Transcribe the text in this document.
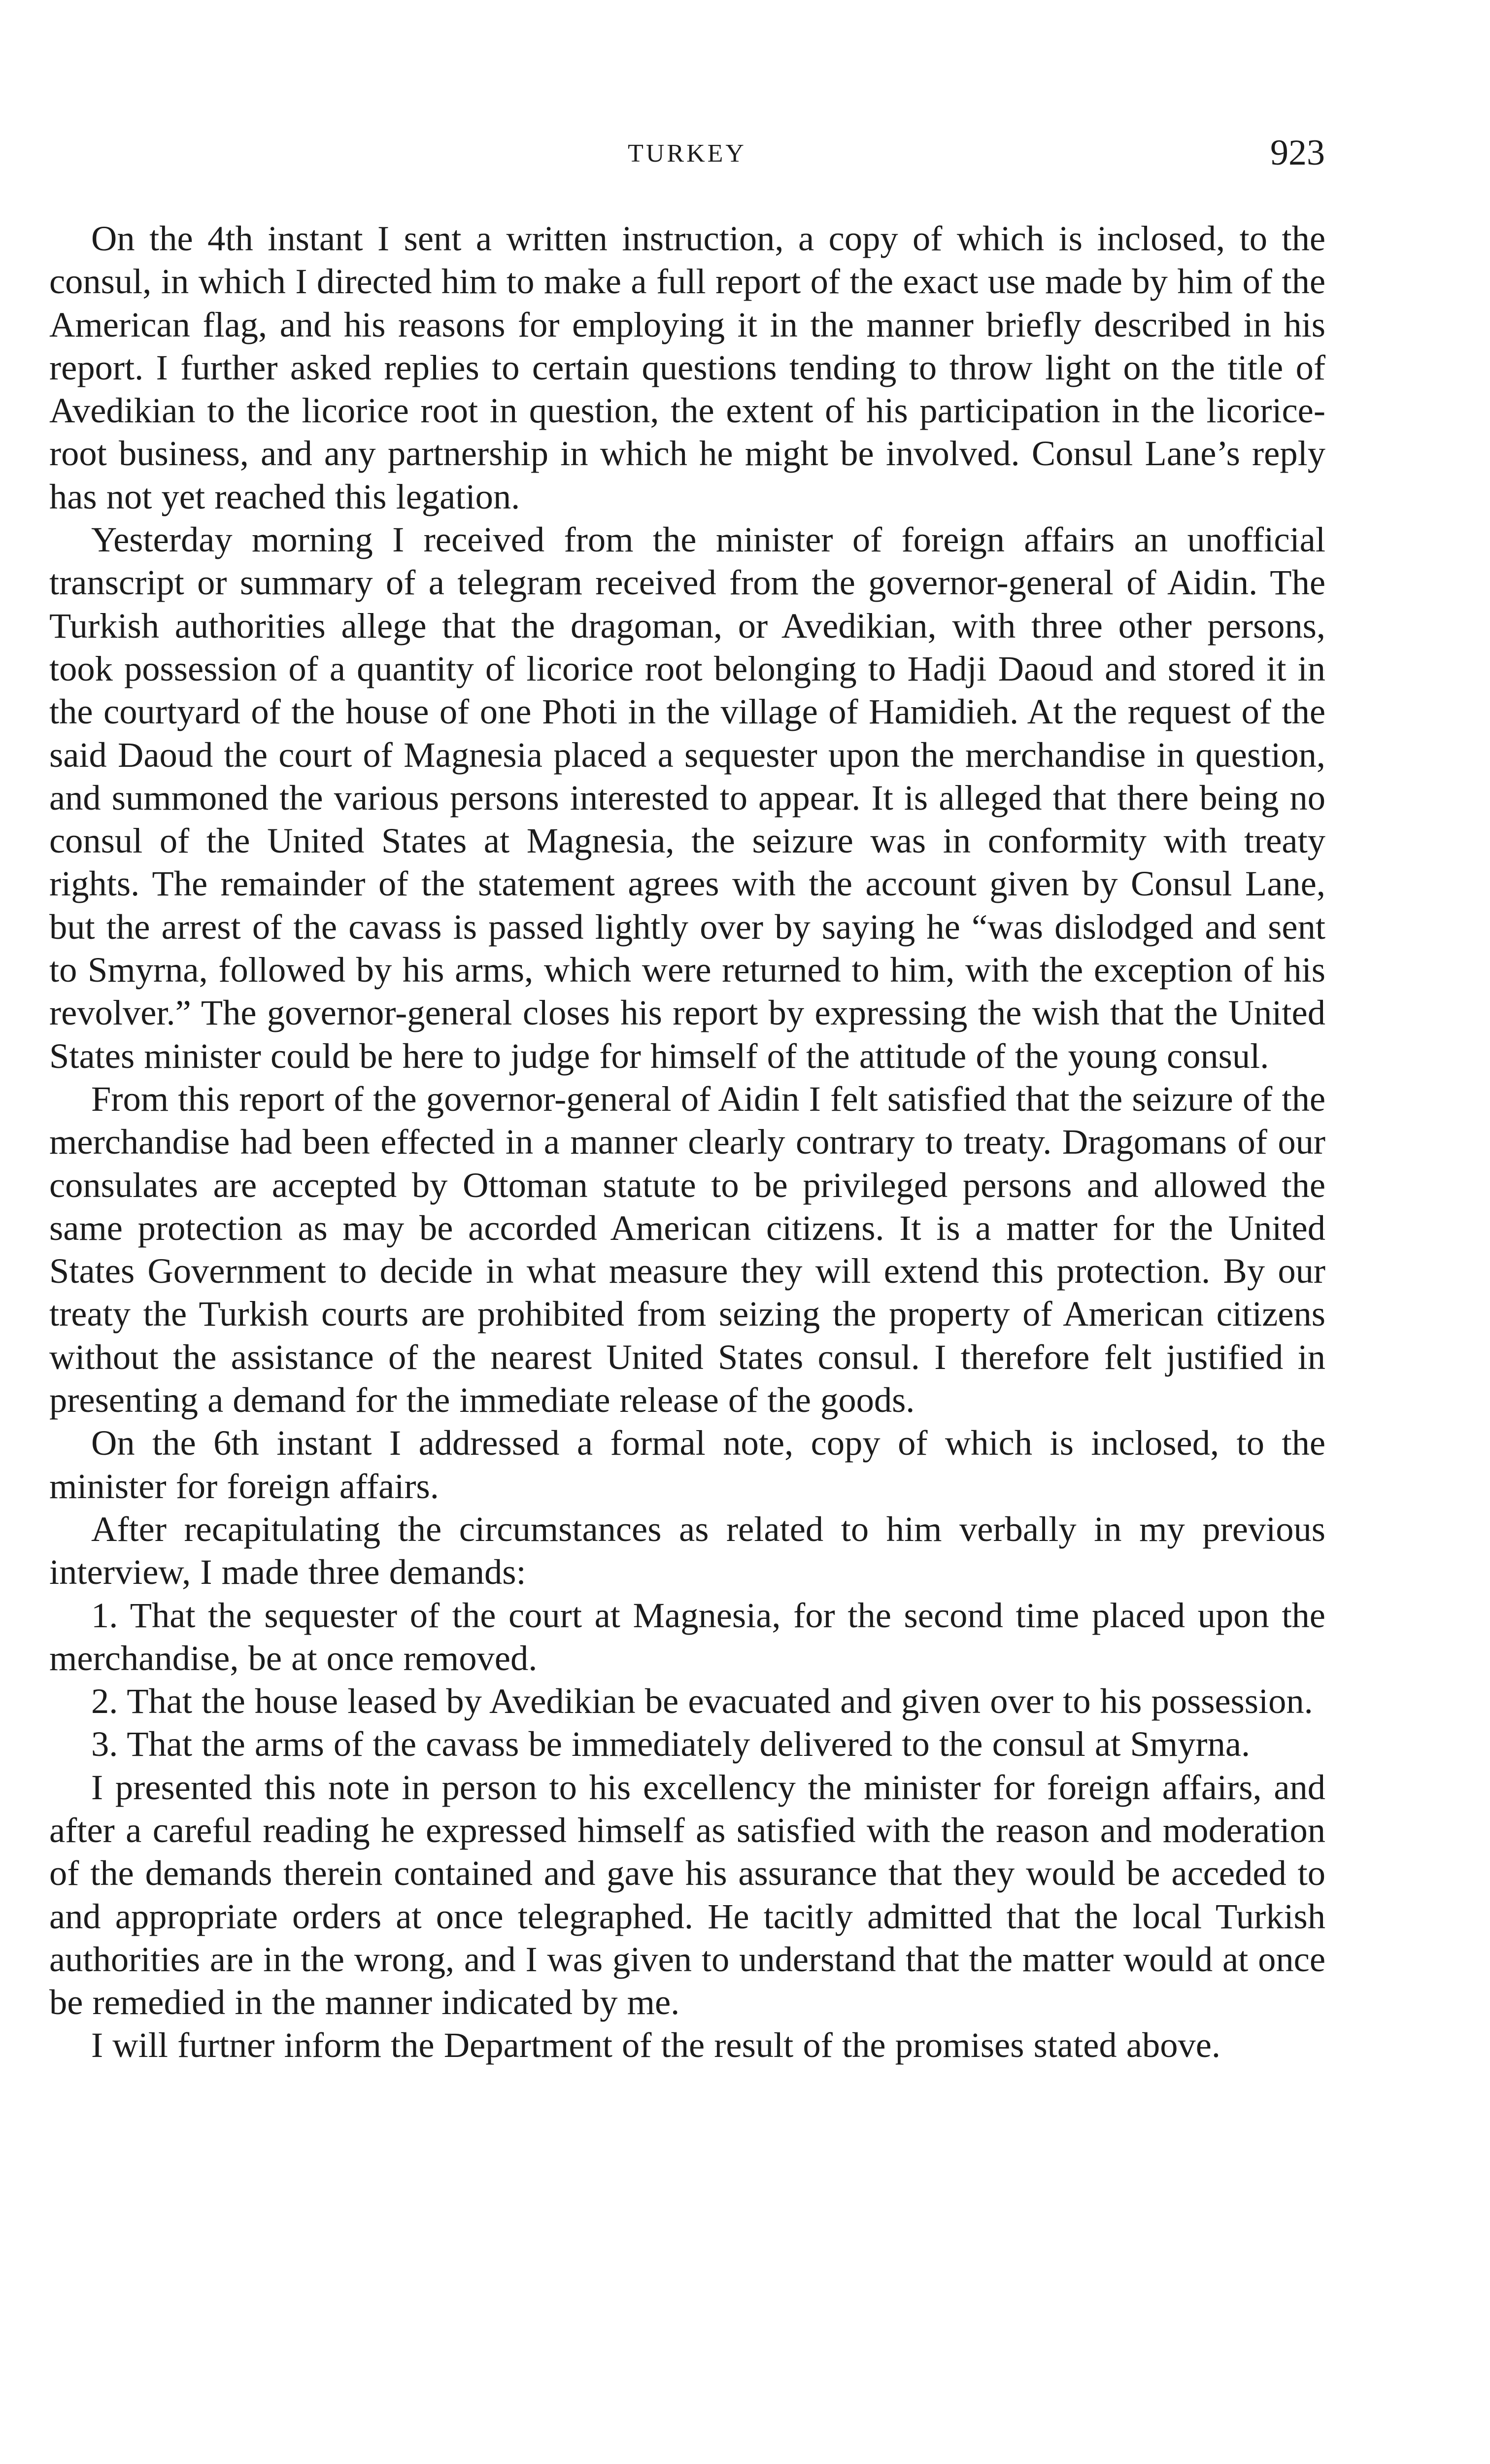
TURKEY	923

On the 4th instant I sent a written instruction, a copy of which is inclosed, to the consul, in which I directed him to make a full report of the exact use made by him of the American flag, and his reasons for employing it in the manner briefly described in his report. I further asked replies to certain questions tending to throw light on the title of Avedikian to the licorice root in question, the extent of his participation in the licorice-root business, and any partnership in which he might be involved. Consul Lane’s reply has not yet reached this legation.

Yesterday morning I received from the minister of foreign affairs an unofficial transcript or summary of a telegram received from the governor-general of Aidin. The Turkish authorities allege that the dragoman, or Avedikian, with three other persons, took possession of a quantity of licorice root belonging to Hadji Daoud and stored it in the courtyard of the house of one Photi in the village of Hamidieh. At the request of the said Daoud the court of Magnesia placed a sequester upon the merchandise in question, and summoned the various persons interested to appear. It is alleged that there being no consul of the United States at Magnesia, the seizure was in conformity with treaty rights. The remainder of the statement agrees with the account given by Consul Lane, but the arrest of the cavass is passed lightly over by saying he “was dislodged and sent to Smyrna, followed by his arms, which were returned to him, with the exception of his revolver.” The governor-general closes his report by expressing the wish that the United States minister could be here to judge for himself of the attitude of the young consul.

From this report of the governor-general of Aidin I felt satisfied that the seizure of the merchandise had been effected in a manner clearly contrary to treaty. Dragomans of our consulates are accepted by Ottoman statute to be privileged persons and allowed the same protection as may be accorded American citizens. It is a matter for the United States Government to decide in what measure they will extend this protection. By our treaty the Turkish courts are prohibited from seizing the property of American citizens without the assistance of the nearest United States consul. I therefore felt justified in presenting a demand for the immediate release of the goods.

On the 6th instant I addressed a formal note, copy of which is inclosed, to the minister for foreign affairs.

After recapitulating the circumstances as related to him verbally in my previous interview, I made three demands:

1. That the sequester of the court at Magnesia, for the second time placed upon the merchandise, be at once removed.

2. That the house leased by Avedikian be evacuated and given over to his possession.

3. That the arms of the cavass be immediately delivered to the consul at Smyrna.

I presented this note in person to his excellency the minister for foreign affairs, and after a careful reading he expressed himself as satisfied with the reason and moderation of the demands therein contained and gave his assurance that they would be acceded to and appropriate orders at once telegraphed. He tacitly admitted that the local Turkish authorities are in the wrong, and I was given to understand that the matter would at once be remedied in the manner indicated by me.

I will furtner inform the Department of the result of the promises stated above.
